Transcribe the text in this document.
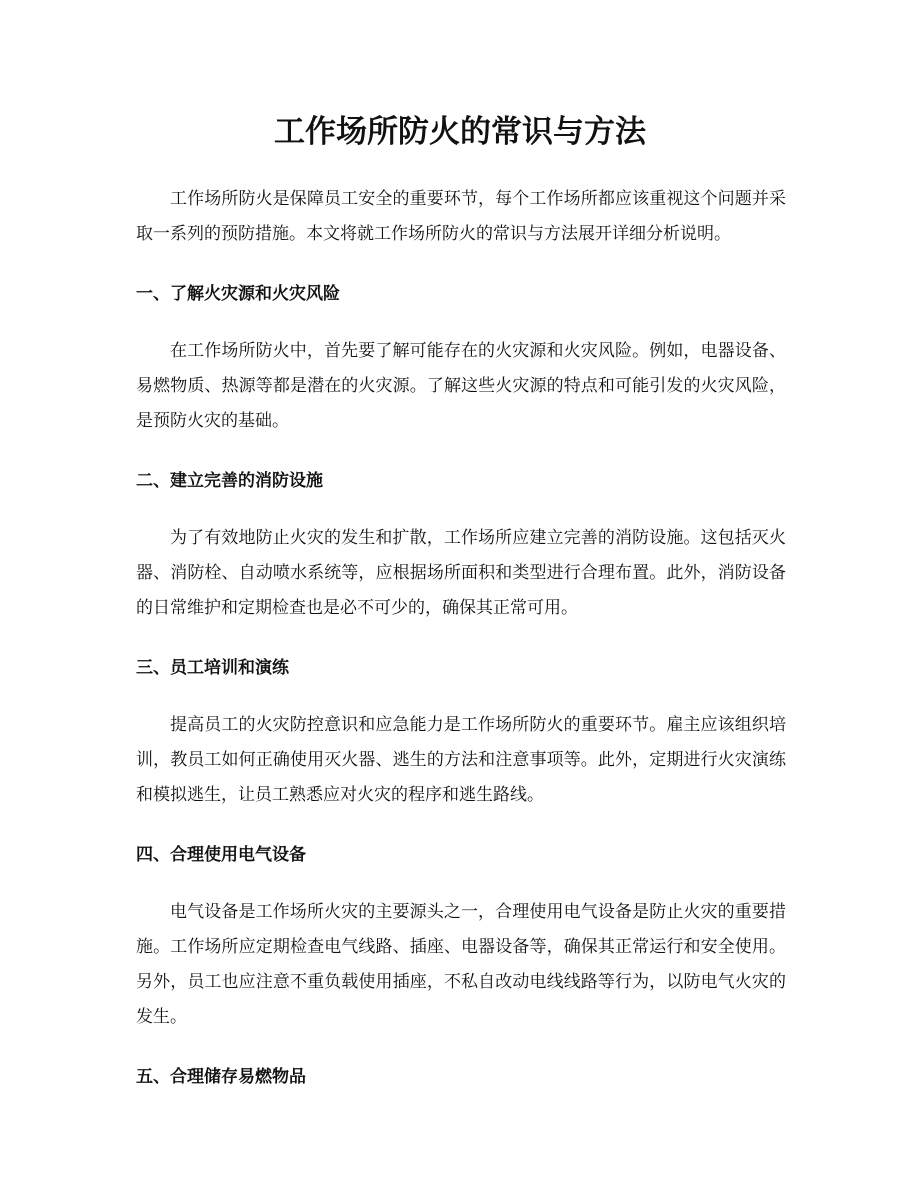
工作场所防火的常识与方法

工作场所防火是保障员工安全的重要环节，每个工作场所都应该重视这个问题并采取一系列的预防措施。本文将就工作场所防火的常识与方法展开详细分析说明。

一、了解火灾源和火灾风险

在工作场所防火中，首先要了解可能存在的火灾源和火灾风险。例如，电器设备、易燃物质、热源等都是潜在的火灾源。了解这些火灾源的特点和可能引发的火灾风险，是预防火灾的基础。

二、建立完善的消防设施

为了有效地防止火灾的发生和扩散，工作场所应建立完善的消防设施。这包括灭火器、消防栓、自动喷水系统等，应根据场所面积和类型进行合理布置。此外，消防设备的日常维护和定期检查也是必不可少的，确保其正常可用。

三、员工培训和演练

提高员工的火灾防控意识和应急能力是工作场所防火的重要环节。雇主应该组织培训，教员工如何正确使用灭火器、逃生的方法和注意事项等。此外，定期进行火灾演练和模拟逃生，让员工熟悉应对火灾的程序和逃生路线。

四、合理使用电气设备

电气设备是工作场所火灾的主要源头之一，合理使用电气设备是防止火灾的重要措施。工作场所应定期检查电气线路、插座、电器设备等，确保其正常运行和安全使用。另外，员工也应注意不重负载使用插座，不私自改动电线线路等行为，以防电气火灾的发生。

五、合理储存易燃物品
